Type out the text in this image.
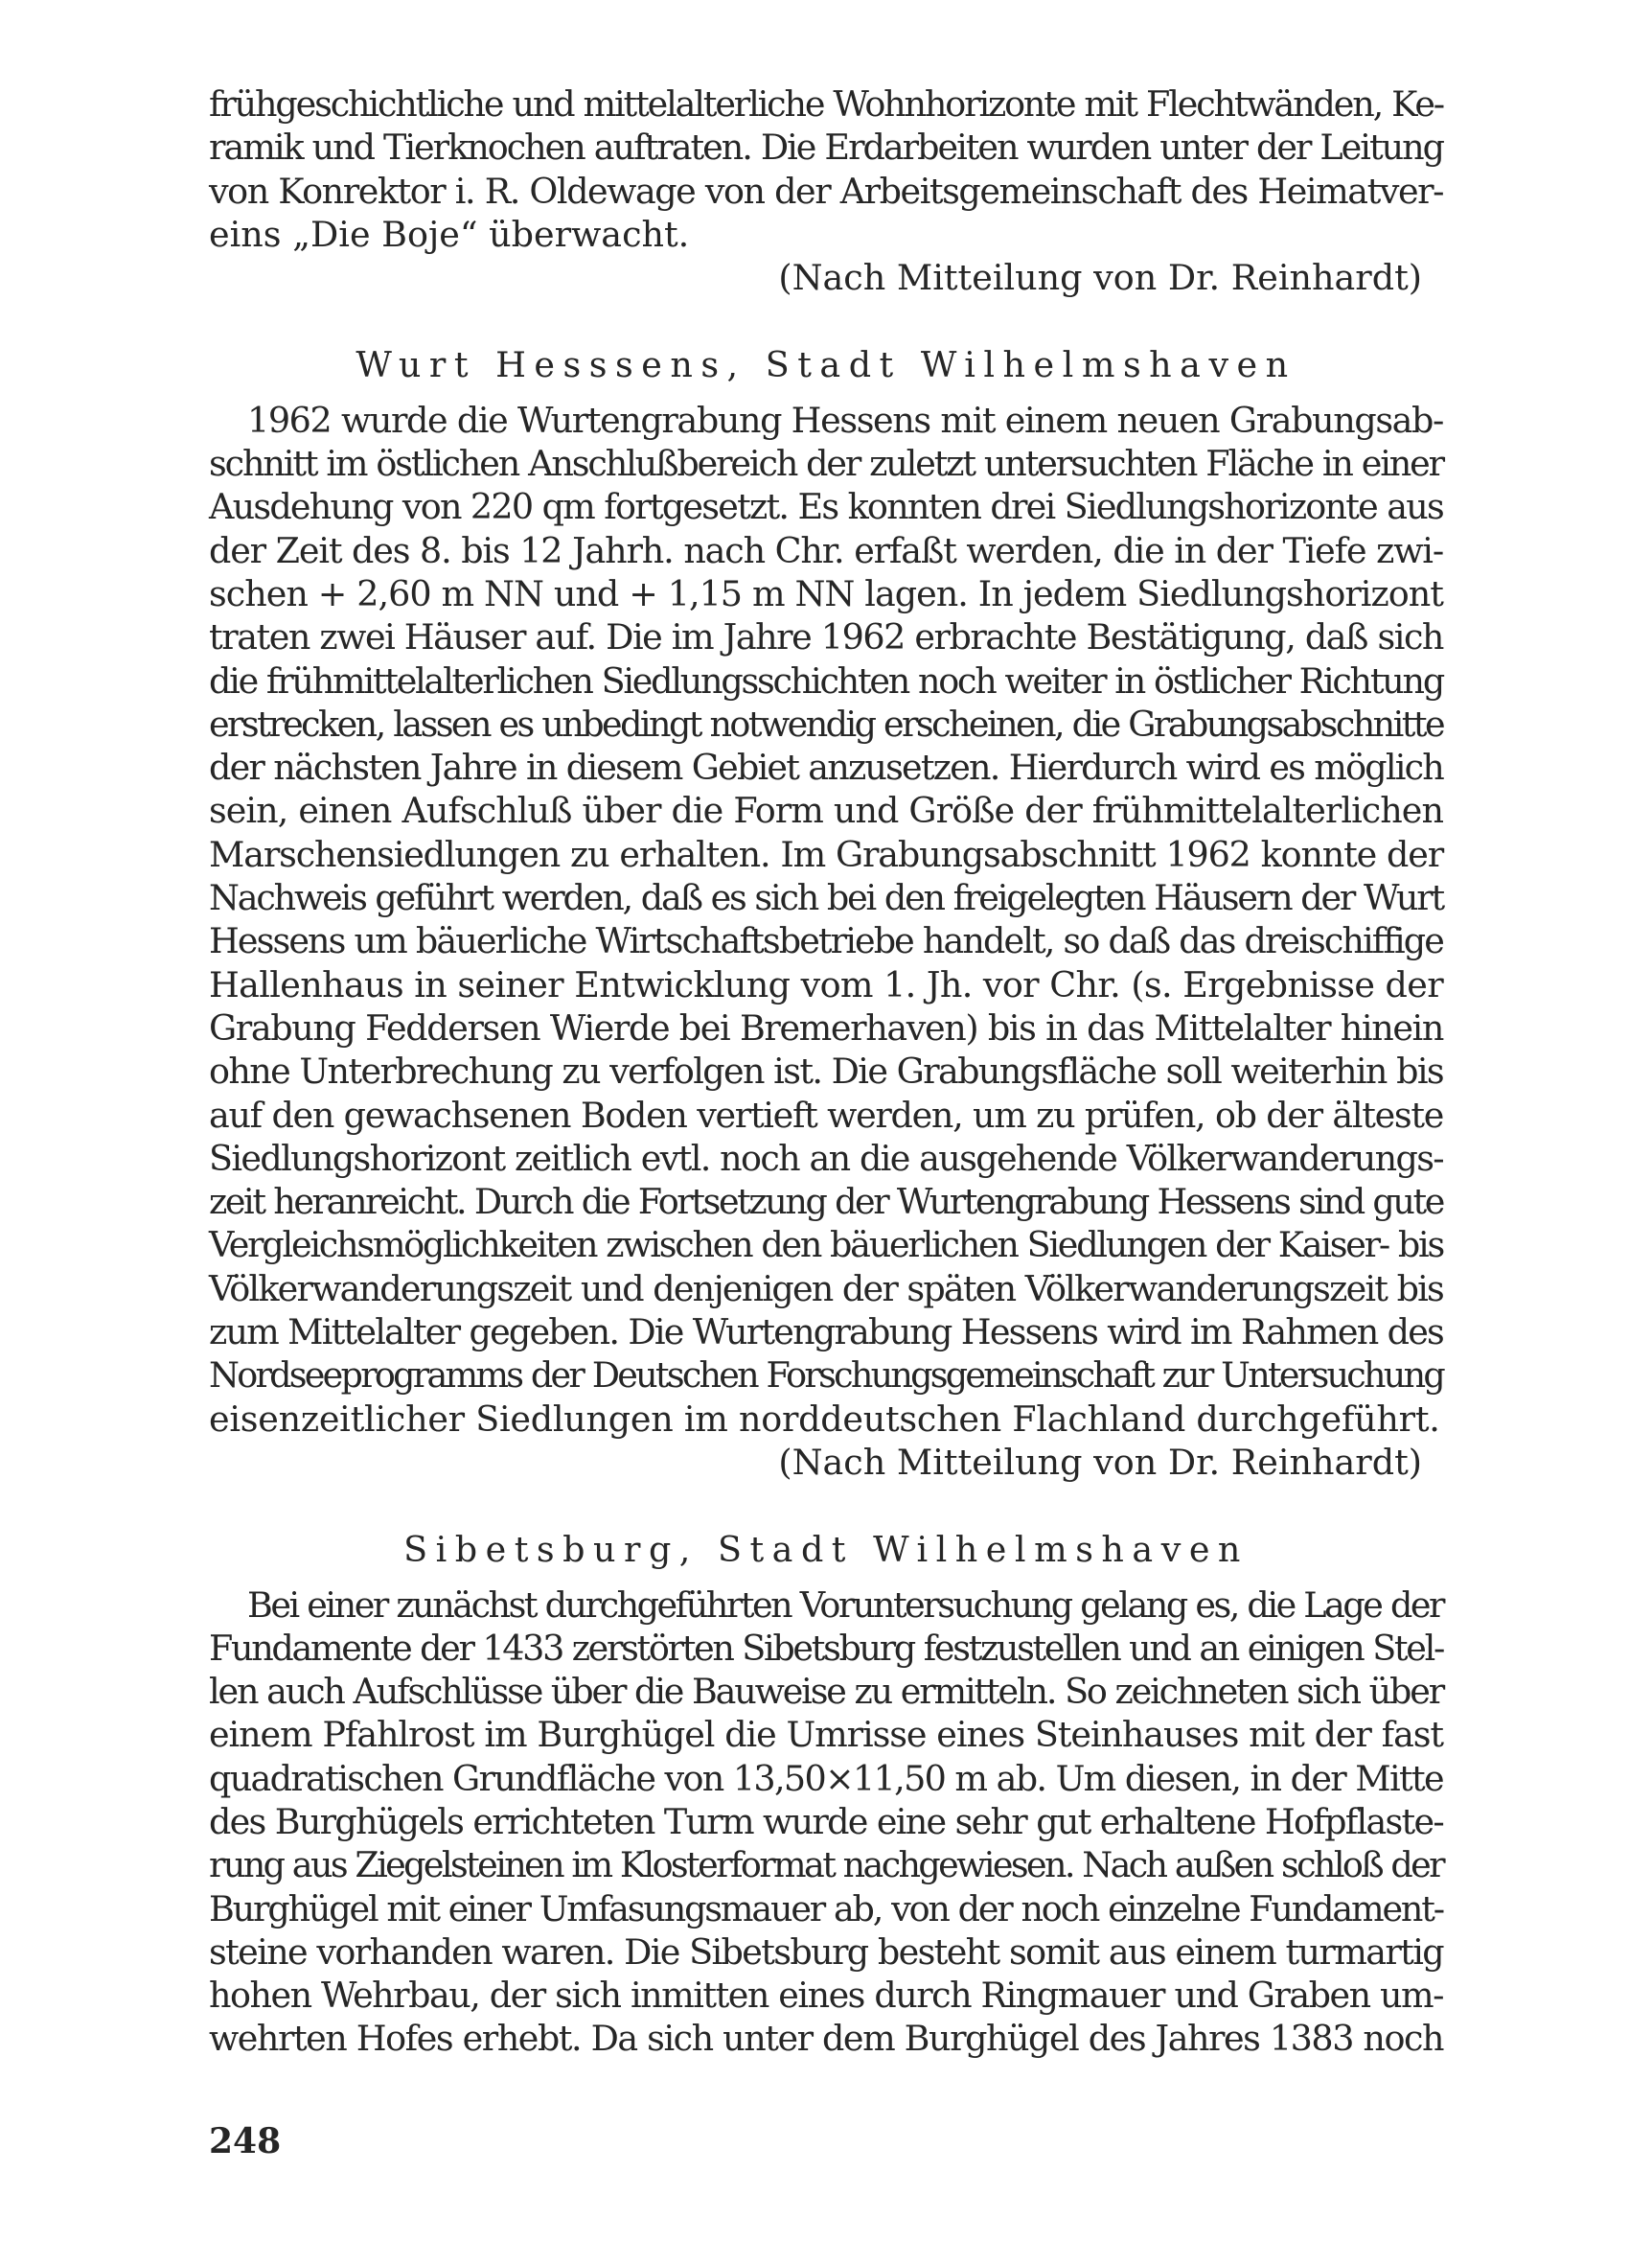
frühgeschichtliche und mittelalterliche Wohnhorizonte mit Flechtwänden, Ke-
ramik und Tierknochen auftraten. Die Erdarbeiten wurden unter der Leitung
von Konrektor i. R. Oldewage von der Arbeitsgemeinschaft des Heimatver-
eins „Die Boje“ überwacht.
(Nach Mitteilung von Dr. Reinhardt)
Wurt Hesssens, Stadt Wilhelmshaven
1962 wurde die Wurtengrabung Hessens mit einem neuen Grabungsab-
schnitt im östlichen Anschlußbereich der zuletzt untersuchten Fläche in einer
Ausdehung von 220 qm fortgesetzt. Es konnten drei Siedlungshorizonte aus
der Zeit des 8. bis 12 Jahrh. nach Chr. erfaßt werden, die in der Tiefe zwi-
schen + 2,60 m NN und + 1,15 m NN lagen. In jedem Siedlungshorizont
traten zwei Häuser auf. Die im Jahre 1962 erbrachte Bestätigung, daß sich
die frühmittelalterlichen Siedlungsschichten noch weiter in östlicher Richtung
erstrecken, lassen es unbedingt notwendig erscheinen, die Grabungsabschnitte
der nächsten Jahre in diesem Gebiet anzusetzen. Hierdurch wird es möglich
sein, einen Aufschluß über die Form und Größe der frühmittelalterlichen
Marschensiedlungen zu erhalten. Im Grabungsabschnitt 1962 konnte der
Nachweis geführt werden, daß es sich bei den freigelegten Häusern der Wurt
Hessens um bäuerliche Wirtschaftsbetriebe handelt, so daß das dreischiffige
Hallenhaus in seiner Entwicklung vom 1. Jh. vor Chr. (s. Ergebnisse der
Grabung Feddersen Wierde bei Bremerhaven) bis in das Mittelalter hinein
ohne Unterbrechung zu verfolgen ist. Die Grabungsfläche soll weiterhin bis
auf den gewachsenen Boden vertieft werden, um zu prüfen, ob der älteste
Siedlungshorizont zeitlich evtl. noch an die ausgehende Völkerwanderungs-
zeit heranreicht. Durch die Fortsetzung der Wurtengrabung Hessens sind gute
Vergleichsmöglichkeiten zwischen den bäuerlichen Siedlungen der Kaiser- bis
Völkerwanderungszeit und denjenigen der späten Völkerwanderungszeit bis
zum Mittelalter gegeben. Die Wurtengrabung Hessens wird im Rahmen des
Nordseeprogramms der Deutschen Forschungsgemeinschaft zur Untersuchung
eisenzeitlicher Siedlungen im norddeutschen Flachland durchgeführt.
(Nach Mitteilung von Dr. Reinhardt)
Sibetsburg, Stadt Wilhelmshaven
Bei einer zunächst durchgeführten Voruntersuchung gelang es, die Lage der
Fundamente der 1433 zerstörten Sibetsburg festzustellen und an einigen Stel-
len auch Aufschlüsse über die Bauweise zu ermitteln. So zeichneten sich über
einem Pfahlrost im Burghügel die Umrisse eines Steinhauses mit der fast
quadratischen Grundfläche von 13,50×11,50 m ab. Um diesen, in der Mitte
des Burghügels errichteten Turm wurde eine sehr gut erhaltene Hofpflaste-
rung aus Ziegelsteinen im Klosterformat nachgewiesen. Nach außen schloß der
Burghügel mit einer Umfasungsmauer ab, von der noch einzelne Fundament-
steine vorhanden waren. Die Sibetsburg besteht somit aus einem turmartig
hohen Wehrbau, der sich inmitten eines durch Ringmauer und Graben um-
wehrten Hofes erhebt. Da sich unter dem Burghügel des Jahres 1383 noch
248
